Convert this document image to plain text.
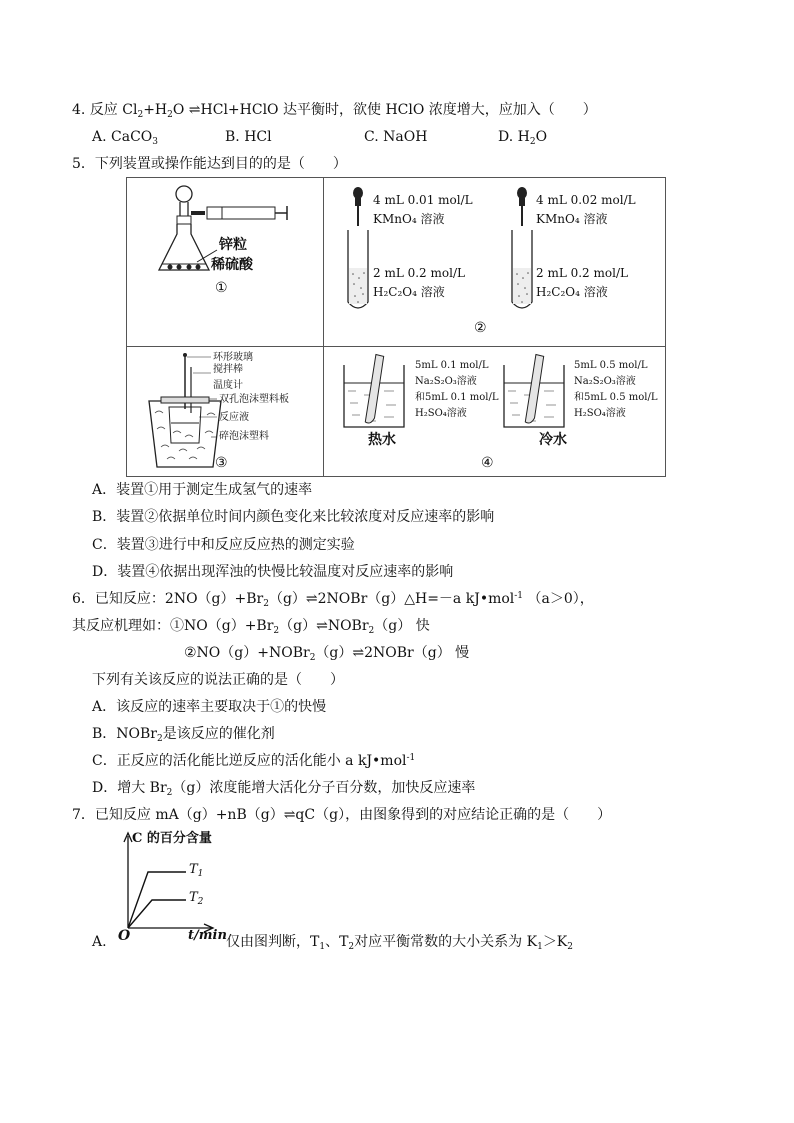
4. 反应 $Cl_2+H_2O$ ⇌HCl+HClO 达平衡时，欲使 HClO 浓度增大，应加入（　　）
A. CaCO$_3$	B. HCl	C. NaOH	D. $H_2O$
5．下列装置或操作能达到目的的是（　　）
锌粒
稀硫酸
①
4 mL 0.01 mol/L
KMnO₄ 溶液
2 mL 0.2 mol/L
H₂C₂O₄ 溶液
4 mL 0.02 mol/L
KMnO₄ 溶液
2 mL 0.2 mol/L
H₂C₂O₄ 溶液
②
环形玻璃
搅拌棒
温度计
双孔泡沫塑料板
反应液
碎泡沫塑料
③
5mL 0.1 mol/L
Na₂S₂O₃溶液
和5mL 0.1 mol/L
H₂SO₄溶液
5mL 0.5 mol/L
Na₂S₂O₃溶液
和5mL 0.5 mol/L
H₂SO₄溶液
热水	冷水
④
A．装置①用于测定生成氢气的速率
B．装置②依据单位时间内颜色变化来比较浓度对反应速率的影响
C．装置③进行中和反应反应热的测定实验
D．装置④依据出现浑浊的快慢比较温度对反应速率的影响
6．已知反应：$2NO(g)+Br_2(g)\rightleftharpoons 2NOBr(g)\triangle H=-a$ kJ•mol$^{-1}$ （a＞0），
其反应机理如：$①NO(g)+Br_2(g)\rightleftharpoons NOBr_2(g)$ 快
②NO（g）+NOBr$_2$（g）⇌2NOBr（g） 慢
下列有关该反应的说法正确的是（　　）
A．该反应的速率主要取决于①的快慢
B．NOBr$_2$是该反应的催化剂
C．正反应的活化能比逆反应的活化能小 a kJ•mol$^{-1}$
D．增大 $Br_2(g)$浓度能增大活化分子百分数，加快反应速率
7．已知反应 mA（g）+nB（g）⇌qC（g），由图象得到的对应结论正确的是（　　）
C 的百分含量
$T_1$
$T_2$
O	t/min
A.	仅由图判断，$T_1$、$T_2$对应平衡常数的大小关系为 $K_1>K_2$
